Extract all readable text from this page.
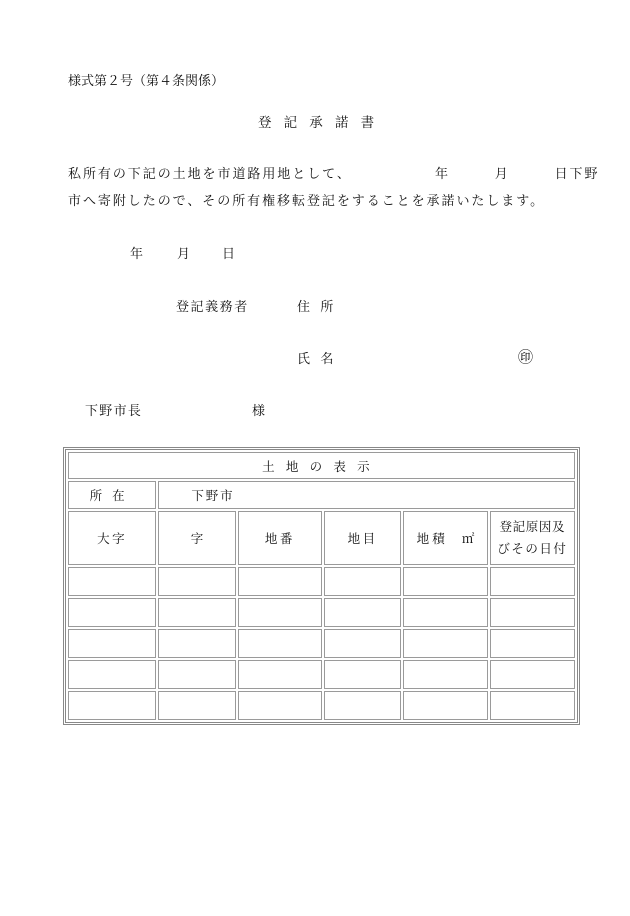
様式第２号（第４条関係）
登記承諾書
私所有の下記の土地を市道路用地として、　　　　　　年　　　月　　　日下野
市へ寄附したので、その所有権移転登記をすることを承諾いたします。
年	月 日
登記義務者	住所
氏名	㊞
下野市長	様
土地の表示					
所在	下野市				
大字	字	地番	地目	地積 ㎡	登記原因及
びその日付
